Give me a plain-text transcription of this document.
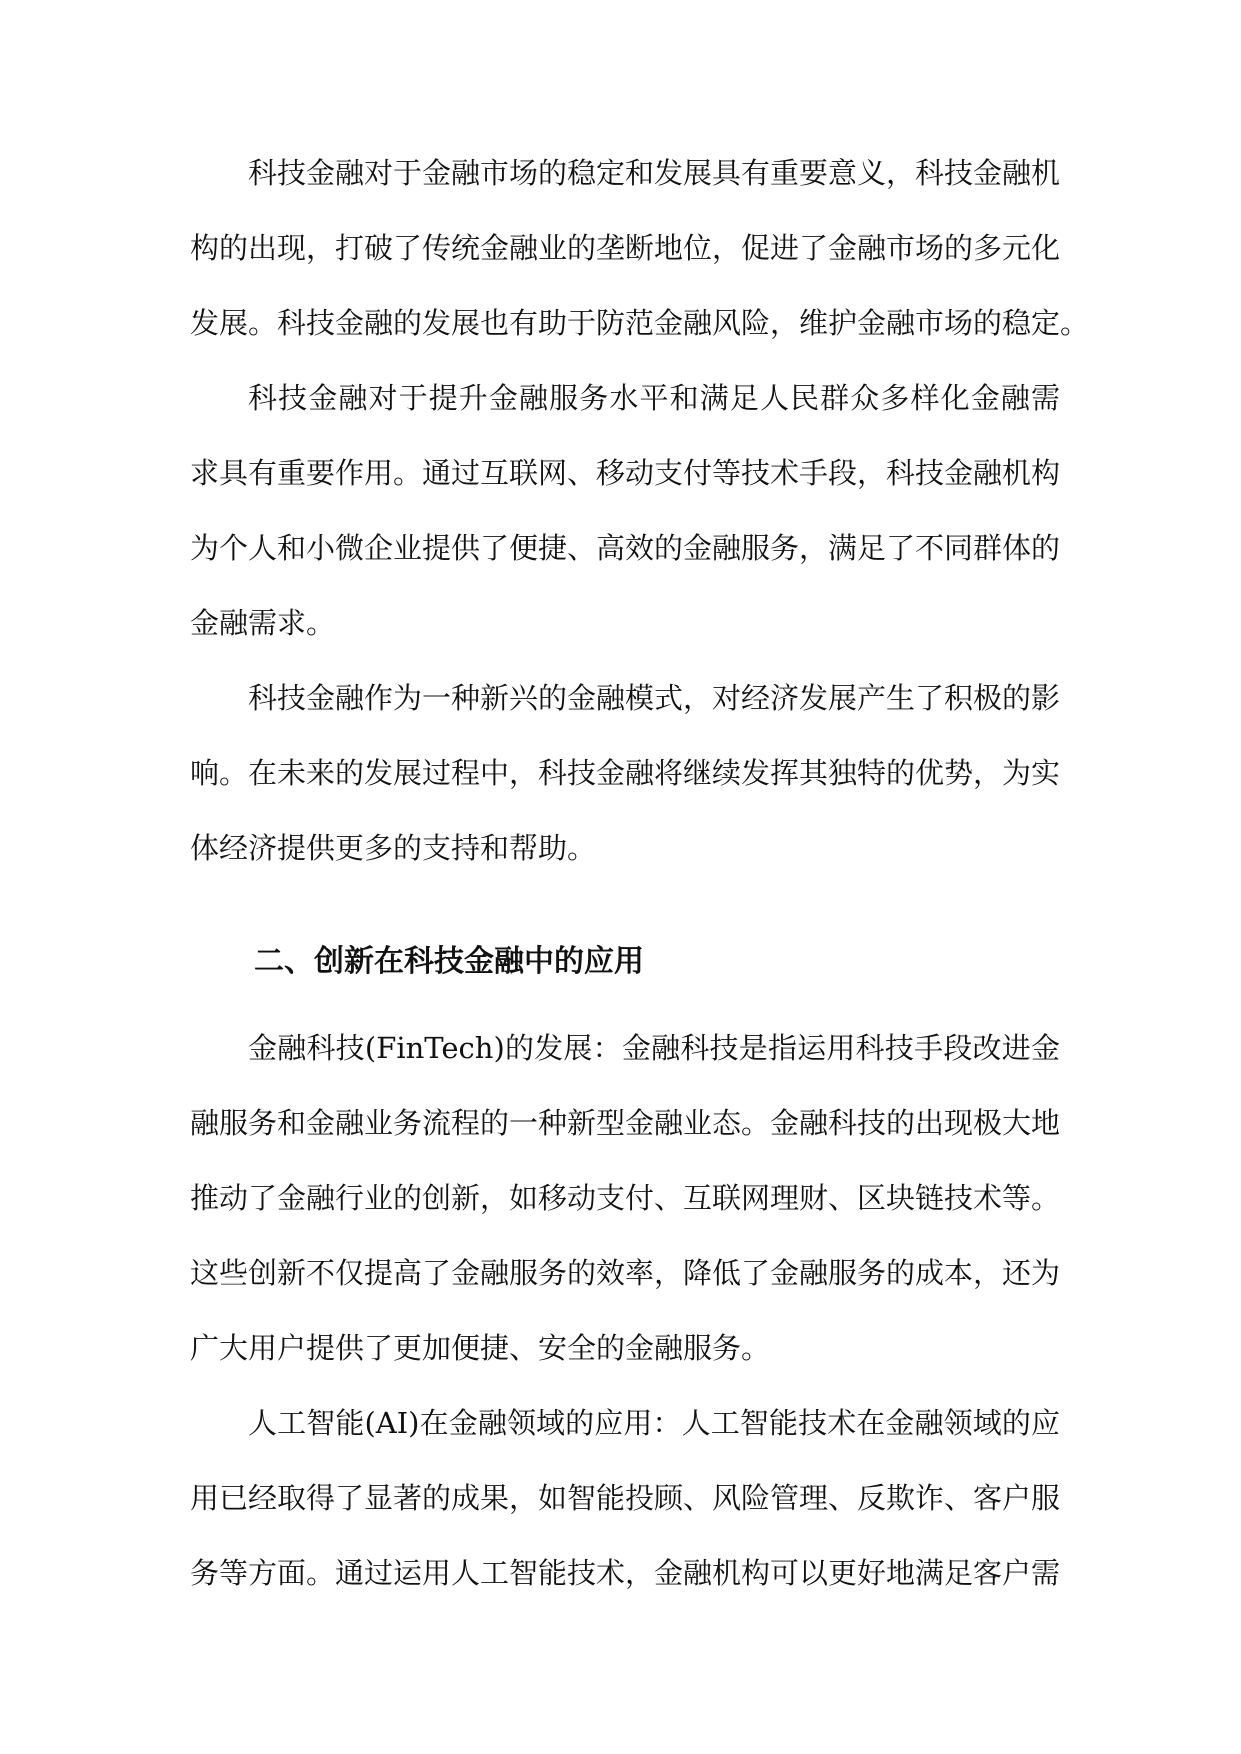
科技金融对于金融市场的稳定和发展具有重要意义，科技金融机
构的出现，打破了传统金融业的垄断地位，促进了金融市场的多元化
发展。科技金融的发展也有助于防范金融风险，维护金融市场的稳定。
科技金融对于提升金融服务水平和满足人民群众多样化金融需
求具有重要作用。通过互联网、移动支付等技术手段，科技金融机构
为个人和小微企业提供了便捷、高效的金融服务，满足了不同群体的
金融需求。
科技金融作为一种新兴的金融模式，对经济发展产生了积极的影
响。在未来的发展过程中，科技金融将继续发挥其独特的优势，为实
体经济提供更多的支持和帮助。
二、创新在科技金融中的应用
金融科技(FinTech)的发展：金融科技是指运用科技手段改进金
融服务和金融业务流程的一种新型金融业态。金融科技的出现极大地
推动了金融行业的创新，如移动支付、互联网理财、区块链技术等。
这些创新不仅提高了金融服务的效率，降低了金融服务的成本，还为
广大用户提供了更加便捷、安全的金融服务。
人工智能(AI)在金融领域的应用：人工智能技术在金融领域的应
用已经取得了显著的成果，如智能投顾、风险管理、反欺诈、客户服
务等方面。通过运用人工智能技术，金融机构可以更好地满足客户需
